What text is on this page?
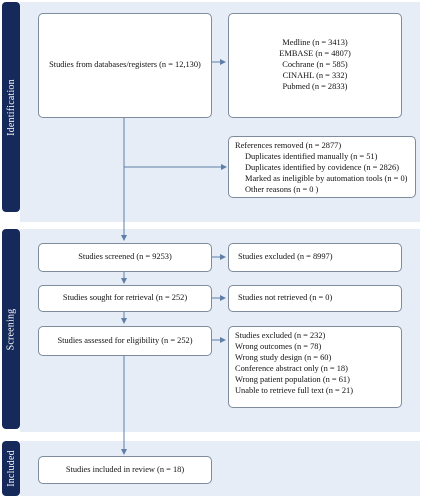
Identification
Screening
Included
Studies from databases/registers (n = 12,130)
Medline (n = 3413)
EMBASE (n = 4807)
Cochrane (n = 585)
CINAHL (n = 332)
Pubmed (n = 2833)
References removed (n = 2877)
Duplicates identified manually (n = 51)
Duplicates identified by covidence (n = 2826)
Marked as ineligible by automation tools (n = 0)
Other reasons (n = 0 )
Studies screened (n = 9253)	Studies excluded (n = 8997)
Studies sought for retrieval (n = 252)	Studies not retrieved (n = 0)
Studies assessed for eligibility (n = 252)
Studies excluded (n = 232)
Wrong outcomes (n = 78)
Wrong study design (n = 60)
Conference abstract only (n = 18)
Wrong patient population (n = 61)
Unable to retrieve full text (n = 21)
Studies included in review (n = 18)
